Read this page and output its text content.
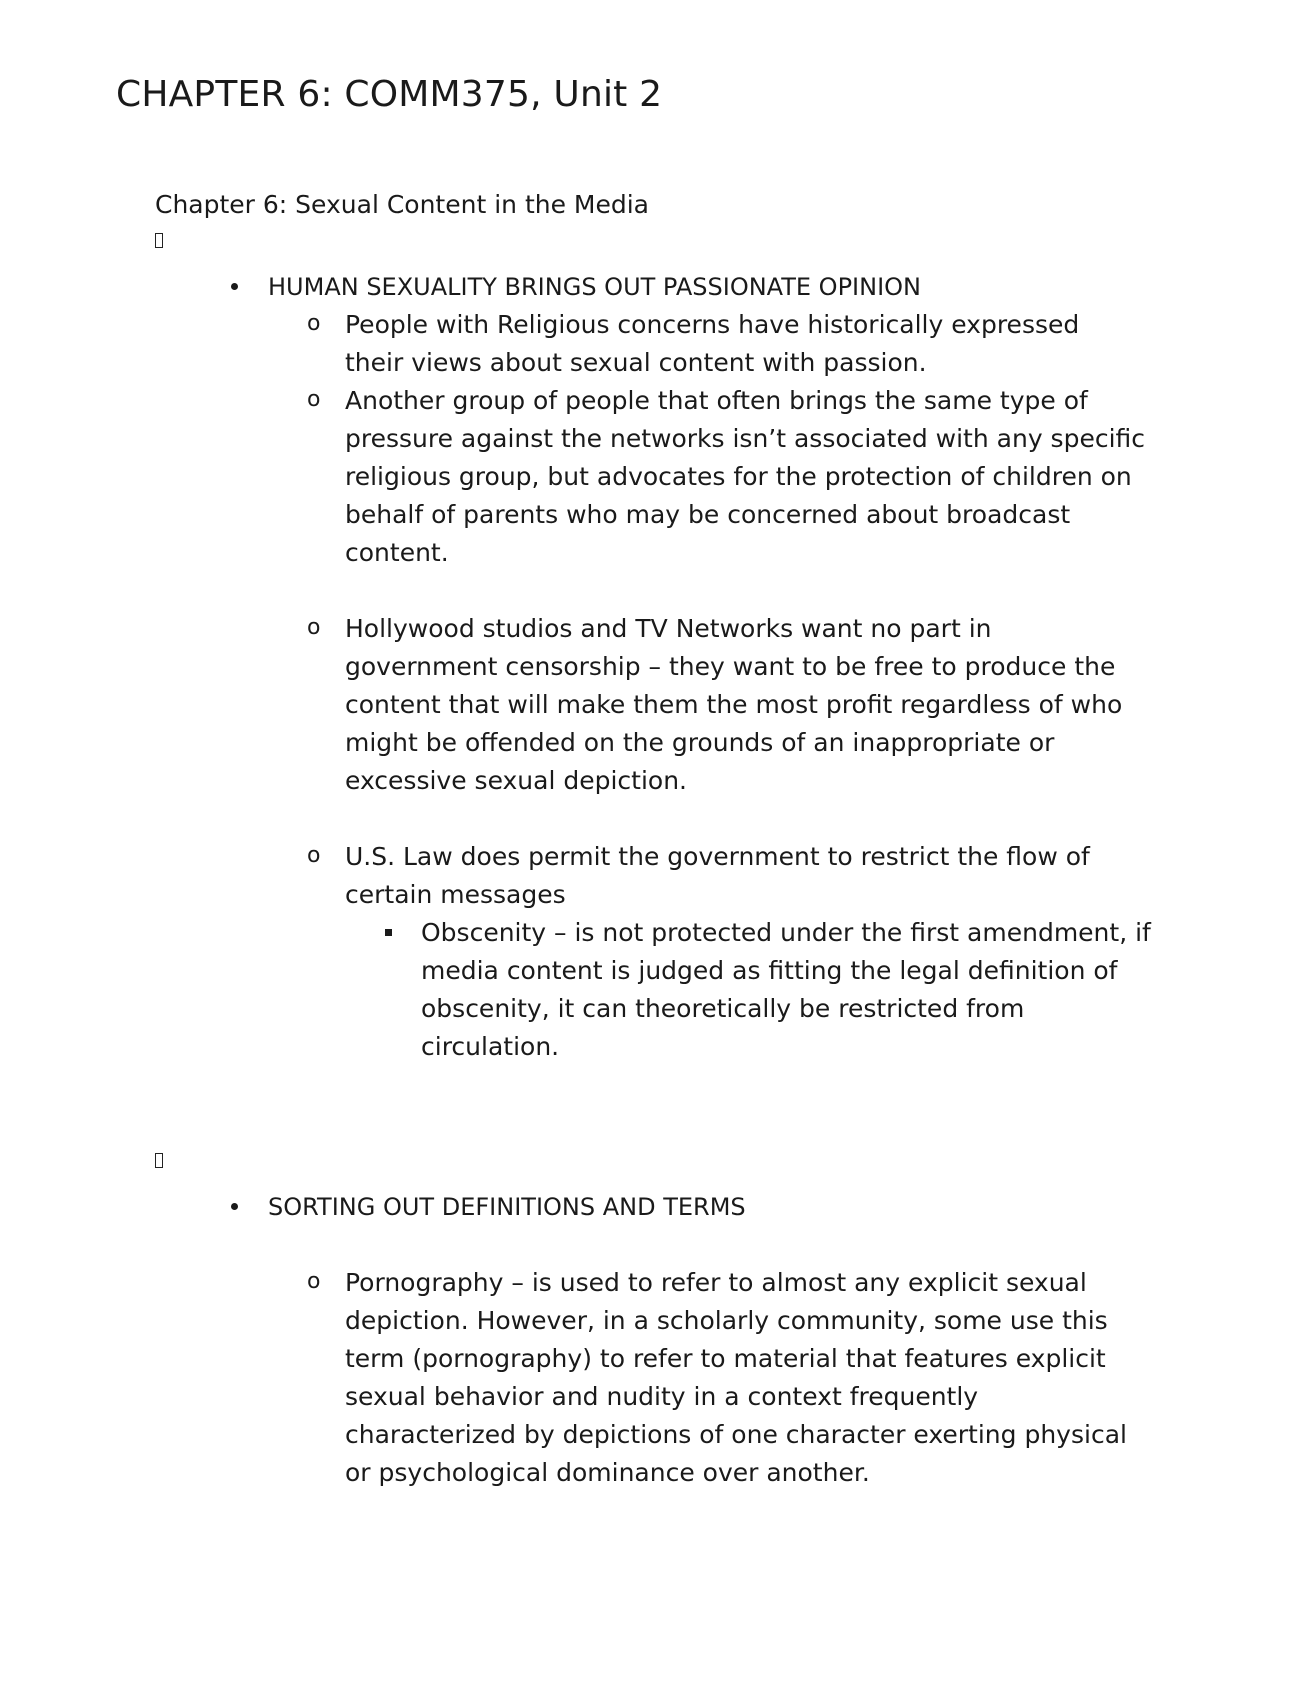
CHAPTER 6: COMM375, Unit 2

Chapter 6: Sexual Content in the Media

HUMAN SEXUALITY BRINGS OUT PASSIONATE OPINION
o People with Religious concerns have historically expressed their views about sexual content with passion.
o Another group of people that often brings the same type of pressure against the networks isn’t associated with any specific religious group, but advocates for the protection of children on behalf of parents who may be concerned about broadcast content.
o Hollywood studios and TV Networks want no part in government censorship – they want to be free to produce the content that will make them the most profit regardless of who might be offended on the grounds of an inappropriate or excessive sexual depiction.
o U.S. Law does permit the government to restrict the flow of certain messages
Obscenity – is not protected under the first amendment, if media content is judged as fitting the legal definition of obscenity, it can theoretically be restricted from circulation.
SORTING OUT DEFINITIONS AND TERMS
o Pornography – is used to refer to almost any explicit sexual depiction. However, in a scholarly community, some use this term (pornography) to refer to material that features explicit sexual behavior and nudity in a context frequently characterized by depictions of one character exerting physical or psychological dominance over another.
